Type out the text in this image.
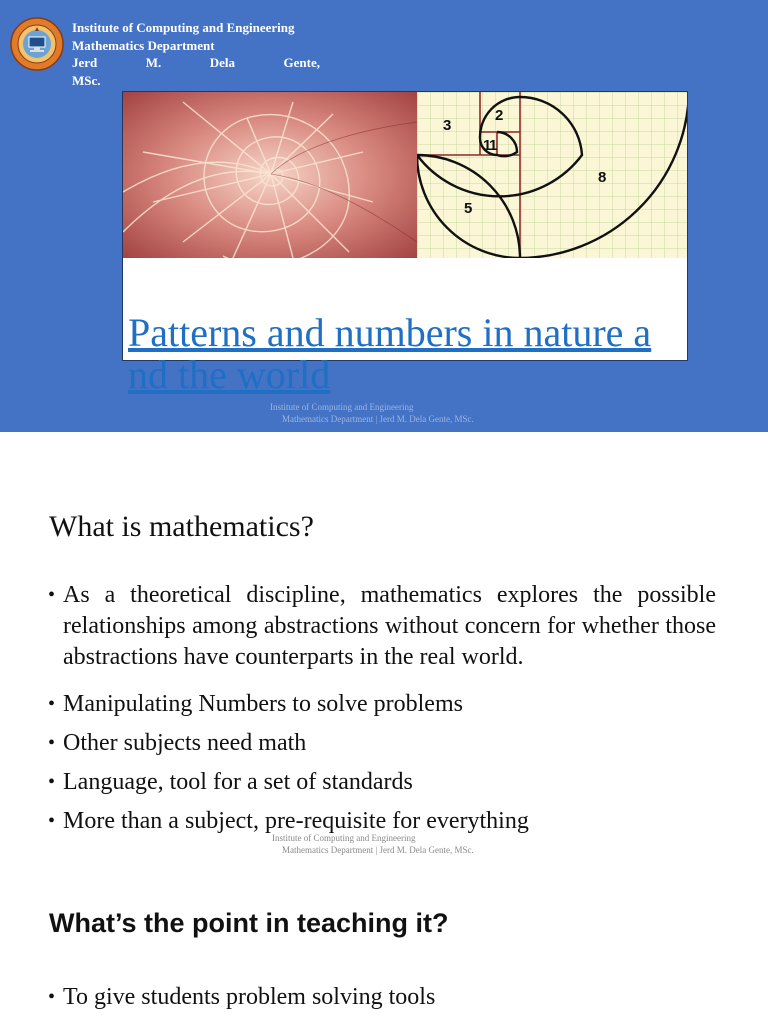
Institute of Computing and Engineering
Mathematics Department
Jerd M. Dela Gente,
MSc.
3
2
1
1
8
5
Patterns and numbers in nature and the world
Institute of Computing and Engineering
Mathematics Department | Jerd M. Dela Gente, MSc.
What is mathematics?
• As a theoretical discipline, mathematics explores the possible relationships among abstractions without concern for whether those abstractions have counterparts in the real world.
• Manipulating Numbers to solve problems
• Other subjects need math
• Language, tool for a set of standards
• More than a subject, pre-requisite for everything
Institute of Computing and Engineering
Mathematics Department | Jerd M. Dela Gente, MSc.
What’s the point in teaching it?
• To give students problem solving tools
